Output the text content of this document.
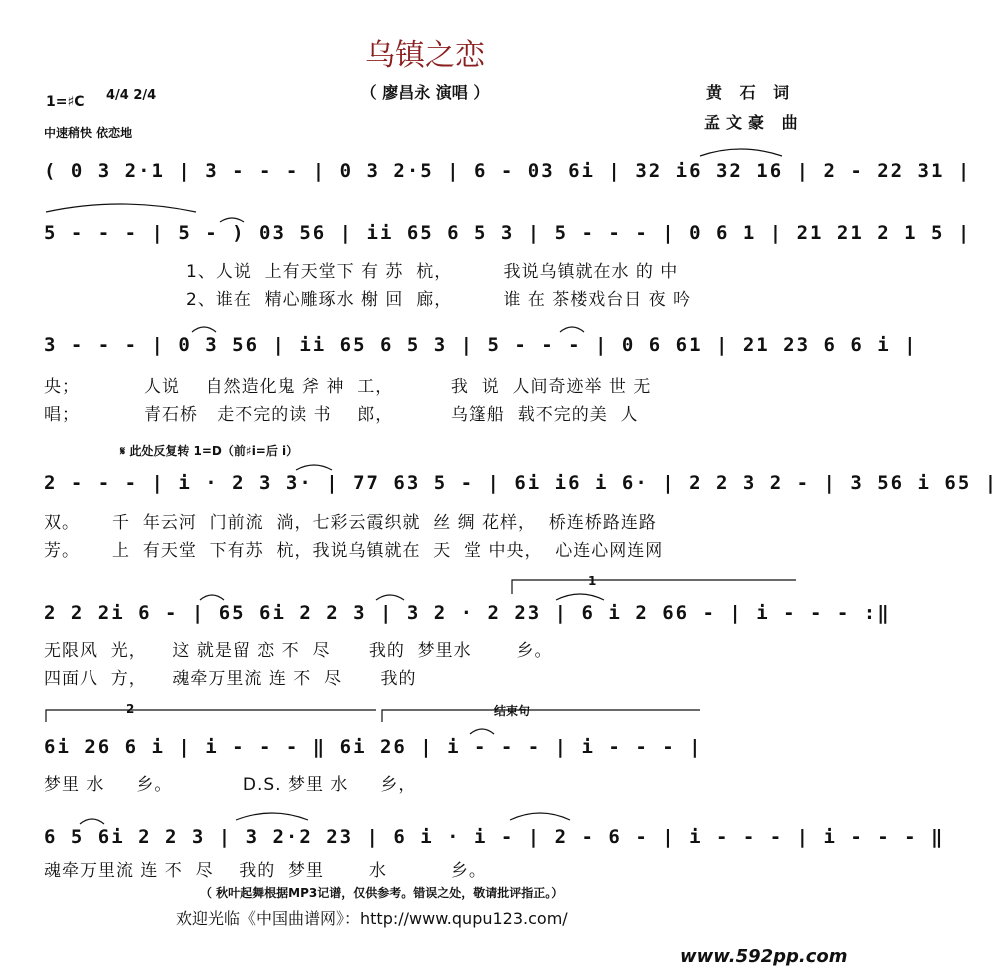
乌镇之恋
（ 廖昌永 演唱 ）	黄 石 词
孟文豪 曲
1=♯C 4/4 2/4
中速稍快 依恋地
( 0 3 2·1 | 3 - - - | 0 3 2·5 | 6 - 03 6i | 32 i6 32 16 | 2 - 22 31 |
5 - - - | 5 - ) 03 56 | ii 65 6 5 3 | 5 - - - | 0 6 1 | 21 21 2 1 5 |
1、人说  上有天堂下 有 苏  杭，        我说乌镇就在水 的 中
2、谁在  精心雕琢水 榭 回  廊，        谁 在 茶楼戏台日 夜 吟
3 - - - | 0 3 56 | ii 65 6 5 3 | 5 - - - | 0 6 61 | 21 23 6 6 i |
央；          人说    自然造化鬼 斧 神  工，         我  说  人间奇迹举 世 无
唱；          青石桥   走不完的读 书    郎，         乌篷船  载不完的美  人
𝄋 此处反复转 1=D（前♯i=后 i）
2 - - - | i · 2 3 3· | 77 63 5 - | 6i i6 i 6· | 2 2 3 2 - | 3 56 i 65 |
双。     千  年云河  门前流  淌，七彩云霞织就  丝 绸 花样，  桥连桥路连路
芳。     上  有天堂  下有苏  杭，我说乌镇就在  天  堂 中央，  心连心网连网
1
2 2 2i 6 - | 65 6i 2 2 3 | 3 2 · 2 23 | 6 i 2 66 - | i - - - :‖
无限风  光，    这 就是留 恋 不  尽      我的  梦里水       乡。
四面八  方，    魂牵万里流 连 不  尽      我的
2	结束句
6i 26 6 i | i - - - ‖ 6i 26 | i - - - | i - - - |
梦里 水     乡。           D.S. 梦里 水     乡，
6 5 6i 2 2 3 | 3 2·2 23 | 6 i · i - | 2 - 6 - | i - - - | i - - - ‖
魂牵万里流 连 不  尽    我的  梦里       水          乡。
（ 秋叶起舞根据MP3记谱，仅供参考。错误之处，敬请批评指正。）
欢迎光临《中国曲谱网》：http://www.qupu123.com/
www.592pp.com
